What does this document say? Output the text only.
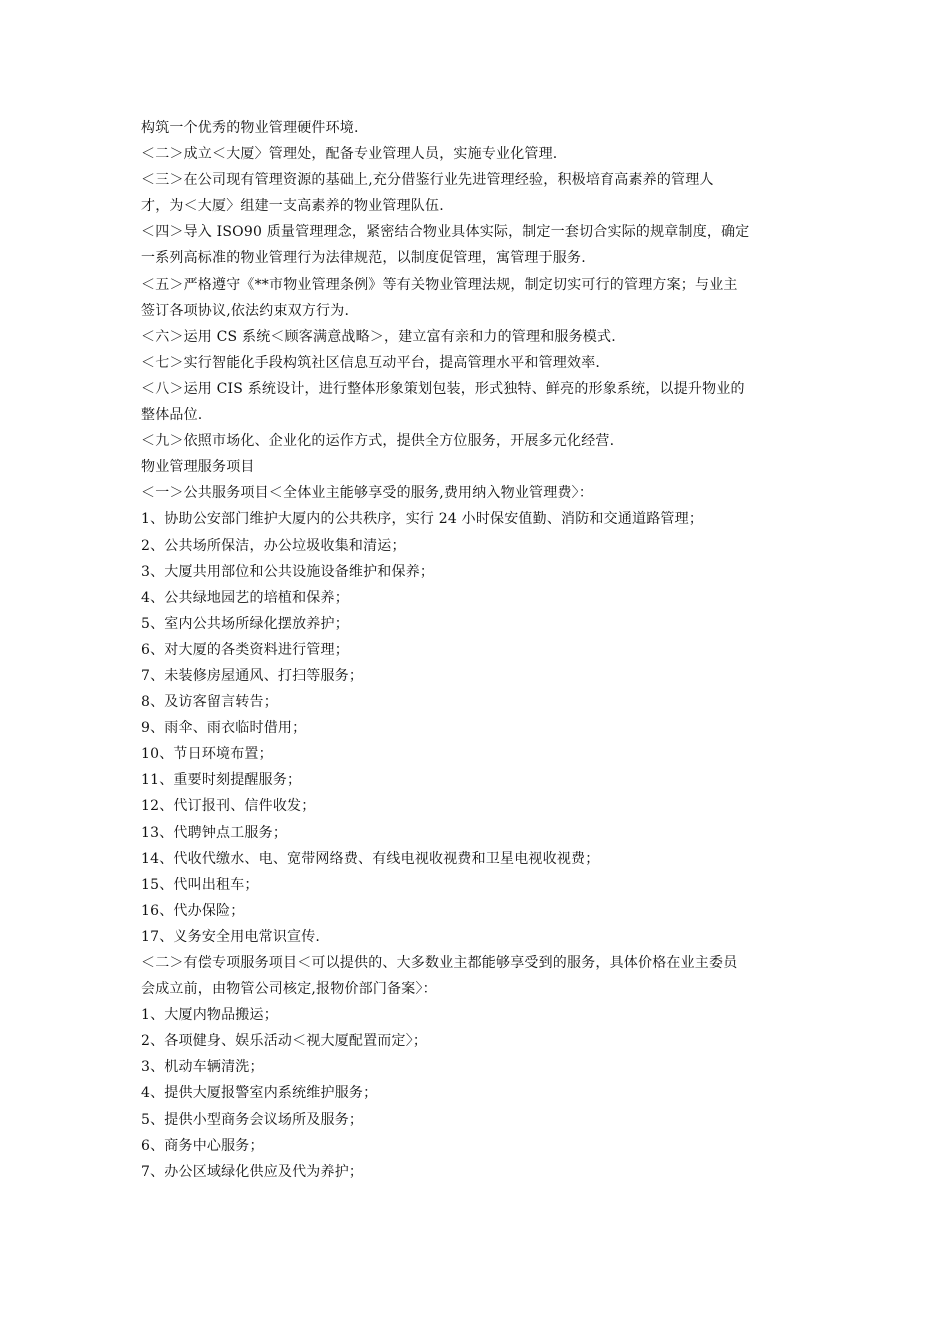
构筑一个优秀的物业管理硬件环境.
＜二＞成立＜大厦〉管理处，配备专业管理人员，实施专业化管理.
＜三＞在公司现有管理资源的基础上,充分借鉴行业先进管理经验，积极培育高素养的管理人
才，为＜大厦〉组建一支高素养的物业管理队伍.
＜四＞导入 ISO90 质量管理理念，紧密结合物业具体实际，制定一套切合实际的规章制度，确定
一系列高标准的物业管理行为法律规范，以制度促管理，寓管理于服务.
＜五＞严格遵守《**市物业管理条例》等有关物业管理法规，制定切实可行的管理方案；与业主
签订各项协议,依法约束双方行为.
＜六＞运用 CS 系统＜顾客满意战略＞，建立富有亲和力的管理和服务模式.
＜七＞实行智能化手段构筑社区信息互动平台，提高管理水平和管理效率.
＜八＞运用 CIS 系统设计，进行整体形象策划包装，形式独特、鲜亮的形象系统，以提升物业的
整体品位.
＜九＞依照市场化、企业化的运作方式，提供全方位服务，开展多元化经营.
物业管理服务项目
＜一＞公共服务项目＜全体业主能够享受的服务,费用纳入物业管理费〉：
1、协助公安部门维护大厦内的公共秩序，实行 24 小时保安值勤、消防和交通道路管理；
2、公共场所保洁，办公垃圾收集和清运；
3、大厦共用部位和公共设施设备维护和保养；
4、公共绿地园艺的培植和保养；
5、室内公共场所绿化摆放养护；
6、对大厦的各类资料进行管理；
7、未装修房屋通风、打扫等服务；
8、及访客留言转告；
9、雨伞、雨衣临时借用；
10、节日环境布置；
11、重要时刻提醒服务；
12、代订报刊、信件收发；
13、代聘钟点工服务；
14、代收代缴水、电、宽带网络费、有线电视收视费和卫星电视收视费；
15、代叫出租车；
16、代办保险；
17、义务安全用电常识宣传.
＜二＞有偿专项服务项目＜可以提供的、大多数业主都能够享受到的服务，具体价格在业主委员
会成立前，由物管公司核定,报物价部门备案〉：
1、大厦内物品搬运；
2、各项健身、娱乐活动＜视大厦配置而定〉；
3、机动车辆清洗；
4、提供大厦报警室内系统维护服务；
5、提供小型商务会议场所及服务；
6、商务中心服务；
7、办公区域绿化供应及代为养护；
